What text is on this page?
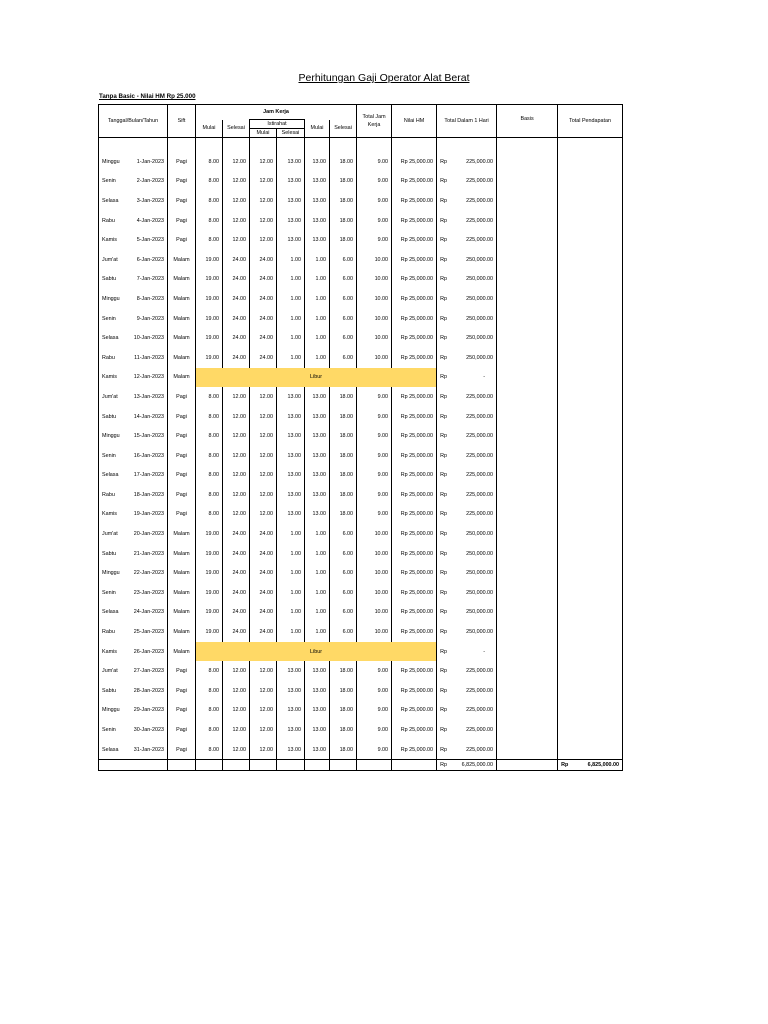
Perhitungan Gaji Operator Alat Berat
Tanpa Basic - Nilai HM Rp 25.000
Tanggal/Bulan/Tahun	Sift	Jam Kerja						Total Jam Kerja	Nilai HM	Total Dalam 1 Hari	Basis	Total Pendapatan
		Mulai	Selesai	Istirahat		Mulai	Selesai					
				Mulai	Selesai							

Minggu 1-Jan-2023	Pagi	8.00	12.00	12.00	13.00	13.00	18.00	9.00	Rp 25,000.00	Rp 225,000.00		

Senin 2-Jan-2023	Pagi	8.00	12.00	12.00	13.00	13.00	18.00	9.00	Rp 25,000.00	Rp 225,000.00		

Selasa 3-Jan-2023	Pagi	8.00	12.00	12.00	13.00	13.00	18.00	9.00	Rp 25,000.00	Rp 225,000.00		

Rabu 4-Jan-2023	Pagi	8.00	12.00	12.00	13.00	13.00	18.00	9.00	Rp 25,000.00	Rp 225,000.00		

Kamis 5-Jan-2023	Pagi	8.00	12.00	12.00	13.00	13.00	18.00	9.00	Rp 25,000.00	Rp 225,000.00		

Jum'at 6-Jan-2023	Malam	19.00	24.00	24.00	1.00	1.00	6.00	10.00	Rp 25,000.00	Rp 250,000.00		

Sabtu 7-Jan-2023	Malam	19.00	24.00	24.00	1.00	1.00	6.00	10.00	Rp 25,000.00	Rp 250,000.00		

Minggu 8-Jan-2023	Malam	19.00	24.00	24.00	1.00	1.00	6.00	10.00	Rp 25,000.00	Rp 250,000.00		

Senin 9-Jan-2023	Malam	19.00	24.00	24.00	1.00	1.00	6.00	10.00	Rp 25,000.00	Rp 250,000.00		

Selasa 10-Jan-2023	Malam	19.00	24.00	24.00	1.00	1.00	6.00	10.00	Rp 25,000.00	Rp 250,000.00		

Rabu 11-Jan-2023	Malam	19.00	24.00	24.00	1.00	1.00	6.00	10.00	Rp 25,000.00	Rp 250,000.00		

Kamis 12-Jan-2023	Malam	Libur								Rp -		

Jum'at 13-Jan-2023	Pagi	8.00	12.00	12.00	13.00	13.00	18.00	9.00	Rp 25,000.00	Rp 225,000.00		

Sabtu 14-Jan-2023	Pagi	8.00	12.00	12.00	13.00	13.00	18.00	9.00	Rp 25,000.00	Rp 225,000.00		

Minggu 15-Jan-2023	Pagi	8.00	12.00	12.00	13.00	13.00	18.00	9.00	Rp 25,000.00	Rp 225,000.00		

Senin 16-Jan-2023	Pagi	8.00	12.00	12.00	13.00	13.00	18.00	9.00	Rp 25,000.00	Rp 225,000.00		

Selasa 17-Jan-2023	Pagi	8.00	12.00	12.00	13.00	13.00	18.00	9.00	Rp 25,000.00	Rp 225,000.00		

Rabu 18-Jan-2023	Pagi	8.00	12.00	12.00	13.00	13.00	18.00	9.00	Rp 25,000.00	Rp 225,000.00		

Kamis 19-Jan-2023	Pagi	8.00	12.00	12.00	13.00	13.00	18.00	9.00	Rp 25,000.00	Rp 225,000.00		

Jum'at 20-Jan-2023	Malam	19.00	24.00	24.00	1.00	1.00	6.00	10.00	Rp 25,000.00	Rp 250,000.00		

Sabtu 21-Jan-2023	Malam	19.00	24.00	24.00	1.00	1.00	6.00	10.00	Rp 25,000.00	Rp 250,000.00		

Minggu 22-Jan-2023	Malam	19.00	24.00	24.00	1.00	1.00	6.00	10.00	Rp 25,000.00	Rp 250,000.00		

Senin 23-Jan-2023	Malam	19.00	24.00	24.00	1.00	1.00	6.00	10.00	Rp 25,000.00	Rp 250,000.00		

Selasa 24-Jan-2023	Malam	19.00	24.00	24.00	1.00	1.00	6.00	10.00	Rp 25,000.00	Rp 250,000.00		

Rabu 25-Jan-2023	Malam	19.00	24.00	24.00	1.00	1.00	6.00	10.00	Rp 25,000.00	Rp 250,000.00		

Kamis 26-Jan-2023	Malam	Libur								Rp -		

Jum'at 27-Jan-2023	Pagi	8.00	12.00	12.00	13.00	13.00	18.00	9.00	Rp 25,000.00	Rp 225,000.00		

Sabtu 28-Jan-2023	Pagi	8.00	12.00	12.00	13.00	13.00	18.00	9.00	Rp 25,000.00	Rp 225,000.00		

Minggu 29-Jan-2023	Pagi	8.00	12.00	12.00	13.00	13.00	18.00	9.00	Rp 25,000.00	Rp 225,000.00		

Senin 30-Jan-2023	Pagi	8.00	12.00	12.00	13.00	13.00	18.00	9.00	Rp 25,000.00	Rp 225,000.00		

Selasa 31-Jan-2023	Pagi	8.00	12.00	12.00	13.00	13.00	18.00	9.00	Rp 25,000.00	Rp 225,000.00		

										Rp 6,825,000.00		Rp 6,825,000.00
